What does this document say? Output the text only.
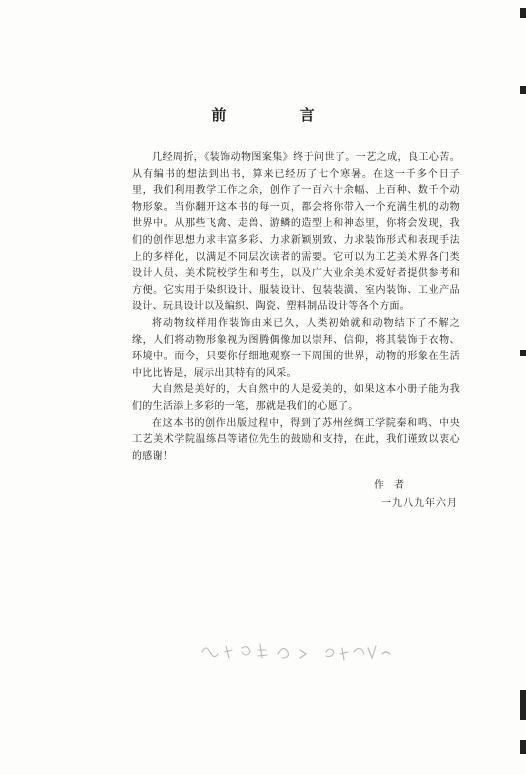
前 言

几经周折，《装饰动物图案集》终于问世了。一艺之成，良工心苦。从有编书的想法到出书，算来已经历了七个寒暑。在这一千多个日子里，我们利用教学工作之余，创作了一百六十余幅、上百种、数千个动物形象。当你翻开这本书的每一页，都会将你带入一个充满生机的动物世界中。从那些飞禽、走兽、游鳞的造型上和神态里，你将会发现，我们的创作思想力求丰富多彩、力求新颖别致、力求装饰形式和表现手法上的多样化，以满足不同层次读者的需要。它可以为工艺美术界各门类设计人员、美术院校学生和考生，以及广大业余美术爱好者提供参考和方便。它实用于染织设计、服装设计、包装装潢、室内装饰、工业产品设计、玩具设计以及编织、陶瓷、塑料制品设计等各个方面。

将动物纹样用作装饰由来已久，人类初始就和动物结下了不解之缘，人们将动物形象视为图腾偶像加以崇拜、信仰，将其装饰于衣物、环境中。而今，只要你仔细地观察一下周围的世界，动物的形象在生活中比比皆是，展示出其特有的风采。

大自然是美好的，大自然中的人是爱美的，如果这本小册子能为我们的生活添上多彩的一笔，那就是我们的心愿了。

在这本书的创作出版过程中，得到了苏州丝绸工学院秦和鸣、中央工艺美术学院温练昌等诸位先生的鼓励和支持，在此，我们谨致以衷心的感谢！

作者
一九八九年六月
